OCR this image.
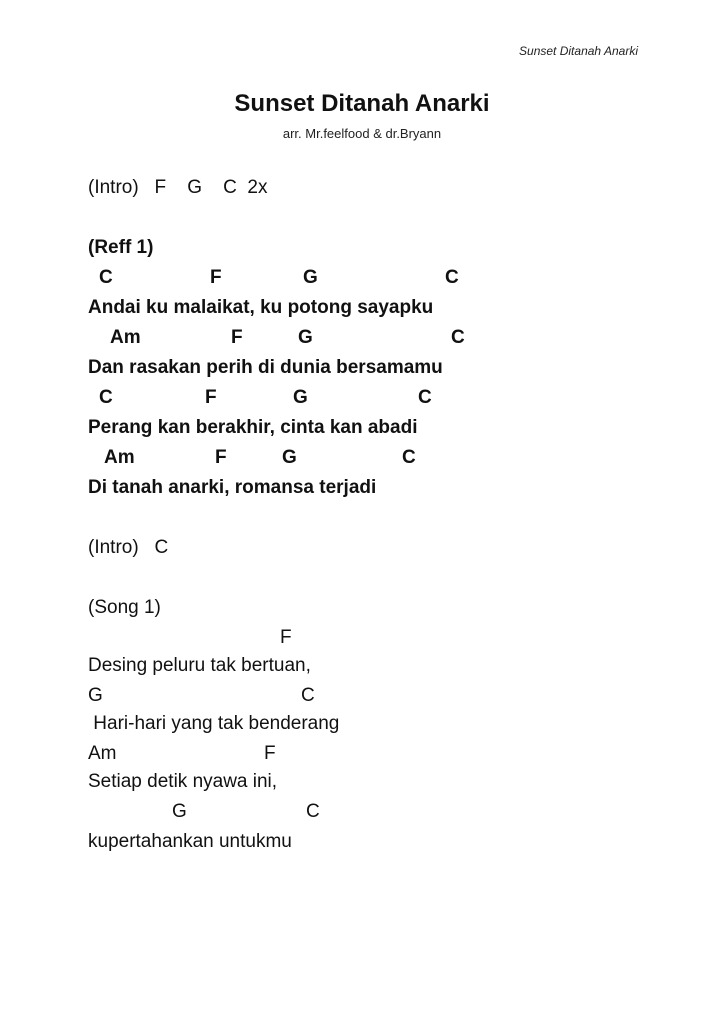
Sunset Ditanah Anarki
Sunset Ditanah Anarki
arr. Mr.feelfood & dr.Bryann
(Intro)   F    G    C  2x
(Reff 1)
C	F	G	C
Andai ku malaikat, ku potong sayapku
Am	F	G	C
Dan rasakan perih di dunia bersamamu
C	F	G	C
Perang kan berakhir, cinta kan abadi
Am	F	G	C
Di tanah anarki, romansa terjadi
(Intro)   C
(Song 1)
F
Desing peluru tak bertuan,
G	C
Hari-hari yang tak benderang
Am	F
Setiap detik nyawa ini,
G	C
kupertahankan untukmu
